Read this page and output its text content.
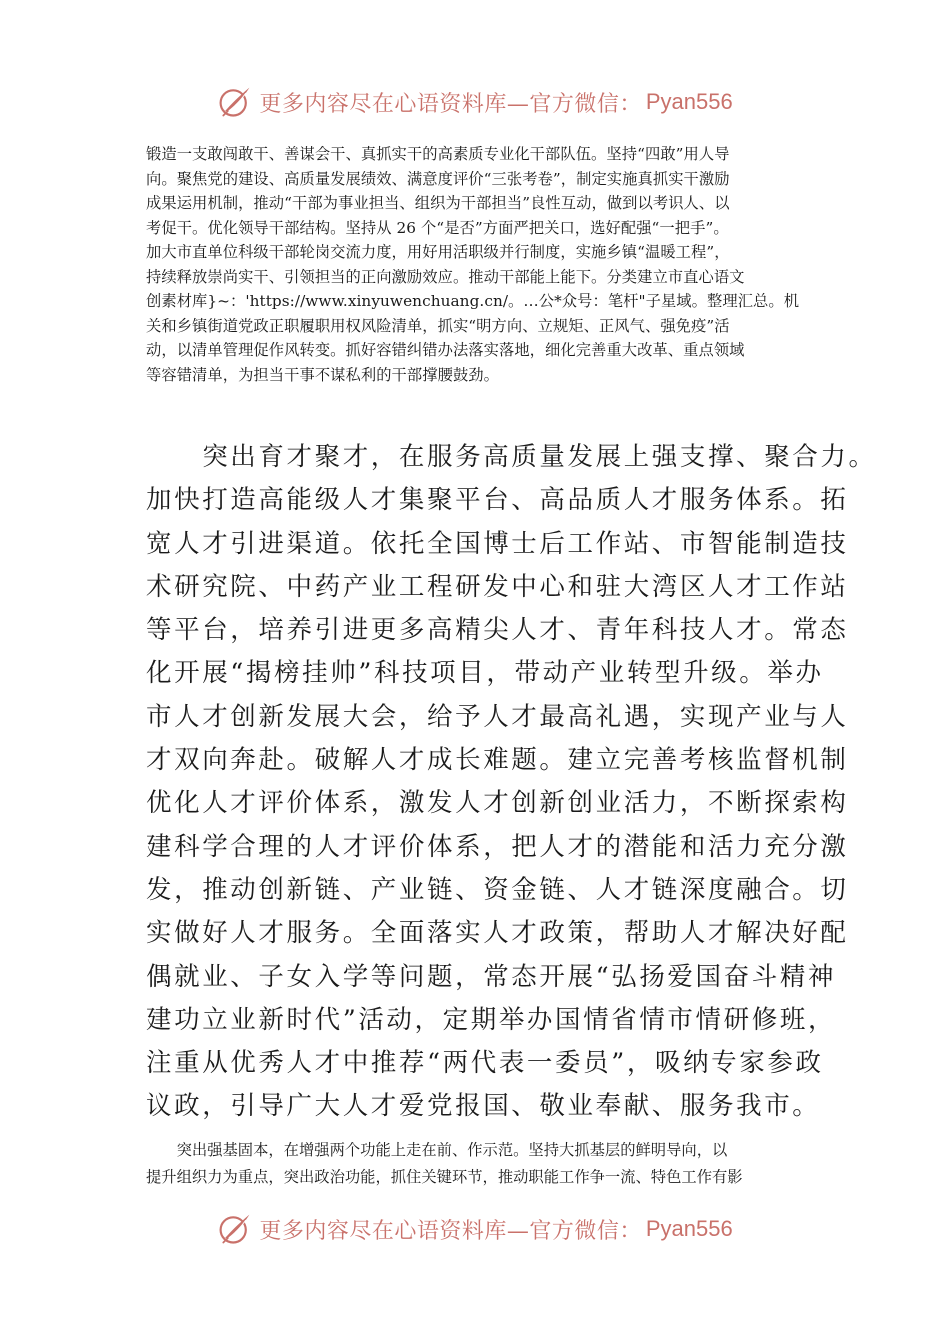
更多内容尽在心语资料库—官方微信： Pyan556
锻造一支敢闯敢干、善谋会干、真抓实干的高素质专业化干部队伍。坚持“四敢”用人导
向。聚焦党的建设、高质量发展绩效、满意度评价“三张考卷”，制定实施真抓实干激励
成果运用机制，推动“干部为事业担当、组织为干部担当”良性互动，做到以考识人、以
考促干。优化领导干部结构。坚持从 26 个“是否”方面严把关口，选好配强“一把手”。
加大市直单位科级干部轮岗交流力度，用好用活职级并行制度，实施乡镇“温暖工程”，
持续释放崇尚实干、引领担当的正向激励效应。推动干部能上能下。分类建立市直心语文
创素材库}~：'https://www.xinyuwenchuang.cn/。…公*众号：笔杆"子星域。整理汇总。机
关和乡镇街道党政正职履职用权风险清单，抓实“明方向、立规矩、正风气、强免疫”活
动，以清单管理促作风转变。抓好容错纠错办法落实落地，细化完善重大改革、重点领域
等容错清单，为担当干事不谋私利的干部撑腰鼓劲。
　　突出育才聚才，在服务高质量发展上强支撑、聚合力。
加快打造高能级人才集聚平台、高品质人才服务体系。拓
宽人才引进渠道。依托全国博士后工作站、市智能制造技
术研究院、中药产业工程研发中心和驻大湾区人才工作站
等平台，培养引进更多高精尖人才、青年科技人才。常态
化开展“揭榜挂帅”科技项目，带动产业转型升级。举办
市人才创新发展大会，给予人才最高礼遇，实现产业与人
才双向奔赴。破解人才成长难题。建立完善考核监督机制
优化人才评价体系，激发人才创新创业活力，不断探索构
建科学合理的人才评价体系，把人才的潜能和活力充分激
发，推动创新链、产业链、资金链、人才链深度融合。切
实做好人才服务。全面落实人才政策，帮助人才解决好配
偶就业、子女入学等问题，常态开展“弘扬爱国奋斗精神
建功立业新时代”活动，定期举办国情省情市情研修班，
注重从优秀人才中推荐“两代表一委员”，吸纳专家参政
议政，引导广大人才爱党报国、敬业奉献、服务我市。
　　突出强基固本，在增强两个功能上走在前、作示范。坚持大抓基层的鲜明导向，以
提升组织力为重点，突出政治功能，抓住关键环节，推动职能工作争一流、特色工作有影
更多内容尽在心语资料库—官方微信： Pyan556
